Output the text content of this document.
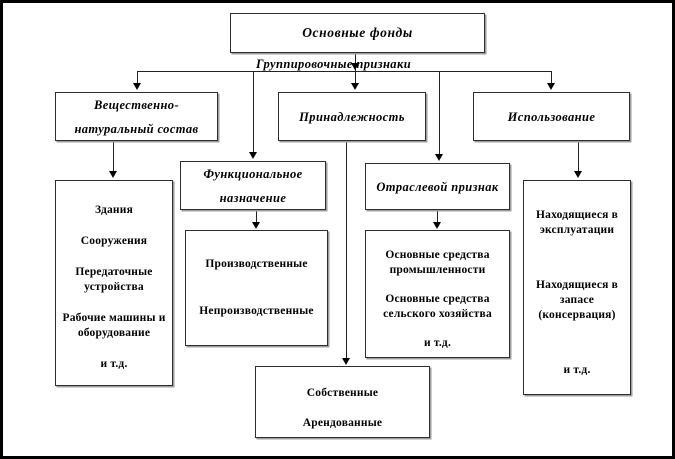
Группировочные признаки
Основные фонды
Вещественно-
натуральный состав
Принадлежность	Использование
Функциональное
назначение
Отраслевой признак
Здания
Сооружения
Передаточные устройства
Рабочие машины и оборудование
и т.д.
Производственные
Непроизводственные
Основные средства промышленности
Основные средства сельского хозяйства
и т.д.
Находящиеся в эксплуатации
Находящиеся в запасе (консервация)
и т.д.
Собственные
Арендованные
